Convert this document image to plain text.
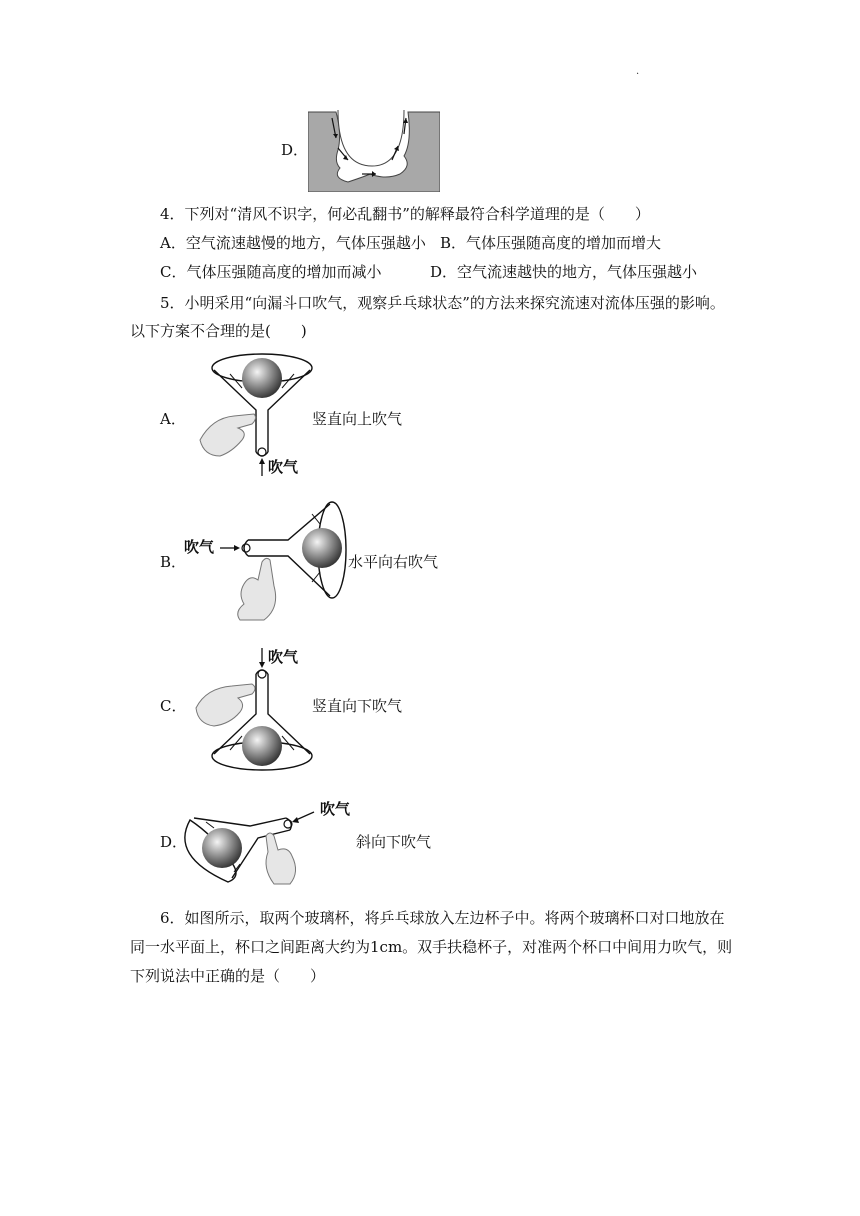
.
D．
4．下列对“清风不识字，何必乱翻书”的解释最符合科学道理的是（　　）
A．空气流速越慢的地方，气体压强越小 B．气体压强随高度的增加而增大
C．气体压强随高度的增加而减小	D．空气流速越快的地方，气体压强越小
5．小明采用“向漏斗口吹气，观察乒乓球状态”的方法来探究流速对流体压强的影响。
以下方案不合理的是(　　)
A．	竖直向上吹气
吹气
B．	水平向右吹气
吹气
C．	竖直向下吹气
吹气
D．	斜向下吹气
吹气
6．如图所示，取两个玻璃杯，将乒乓球放入左边杯子中。将两个玻璃杯口对口地放在
同一水平面上，杯口之间距离大约为1cm。双手扶稳杯子，对准两个杯口中间用力吹气，则
下列说法中正确的是（　　）
